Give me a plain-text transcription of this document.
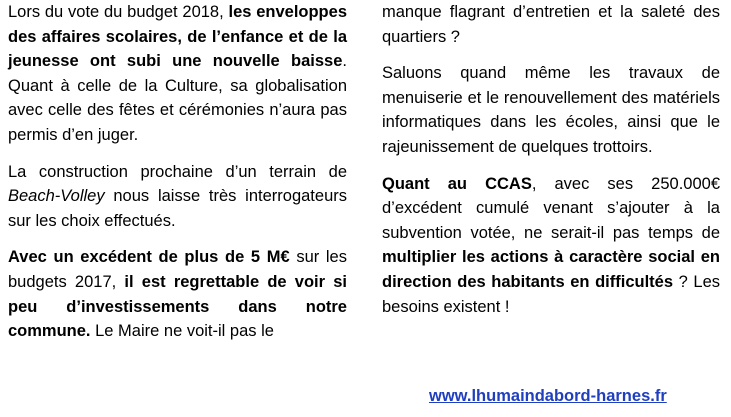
Lors du vote du budget 2018, les enveloppes des affaires scolaires, de l’enfance et de la jeunesse ont subi une nouvelle baisse. Quant à celle de la Culture, sa globalisation avec celle des fêtes et cérémonies n’aura pas permis d’en juger.

La construction prochaine d’un terrain de Beach-Volley nous laisse très interrogateurs sur les choix effectués.

Avec un excédent de plus de 5 M€ sur les budgets 2017, il est regrettable de voir si peu d’investissements dans notre commune. Le Maire ne voit-il pas le

manque flagrant d’entretien et la saleté des quartiers ?

Saluons quand même les travaux de menuiserie et le renouvellement des matériels informatiques dans les écoles, ainsi que le rajeunissement de quelques trottoirs.

Quant au CCAS, avec ses 250.000€ d’excédent cumulé venant s’ajouter à la subvention votée, ne serait-il pas temps de multiplier les actions à caractère social en direction des habitants en difficultés ? Les besoins existent !

www.lhumaindabord-harnes.fr
